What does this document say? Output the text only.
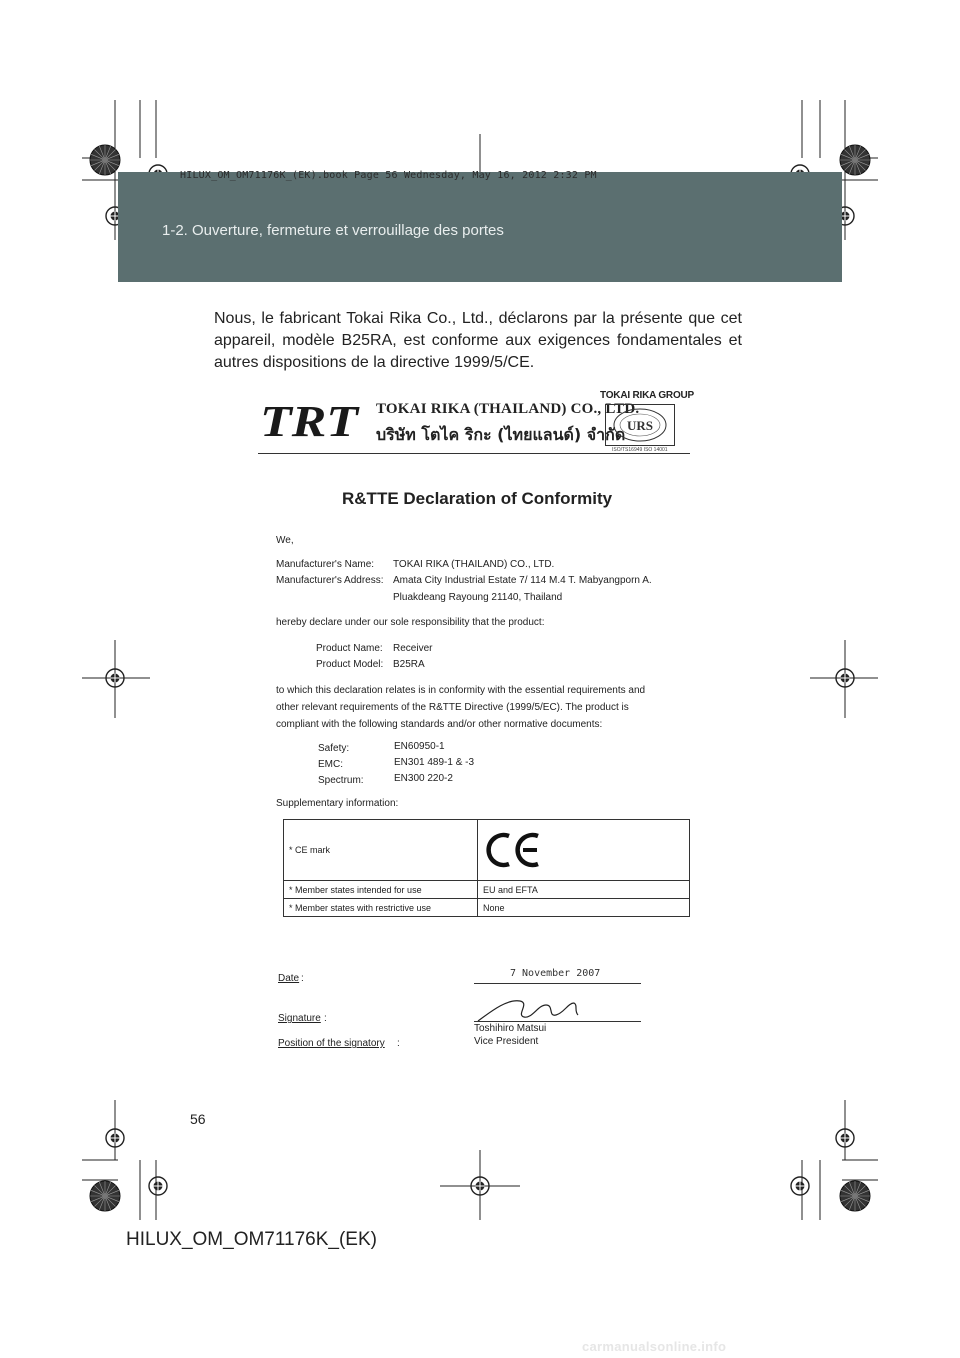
1-2. Ouverture, fermeture et verrouillage des portes
HILUX_OM_OM71176K_(EK).book Page 56 Wednesday, May 16, 2012 2:32 PM
Nous, le fabricant Tokai Rika Co., Ltd., déclarons par la présente que cet appareil, modèle B25RA, est conforme aux exigences fondamentales et autres dispositions de la directive 1999/5/CE.
TRT TOKAI RIKA (THAILAND) CO., LTD.
บริษัท โตไค ริกะ (ไทยแลนด์) จำกัด
TOKAI RIKA GROUP
URS
ISO/TS16949 ISO 14001
R&TTE Declaration of Conformity
We,
Manufacturer's Name: TOKAI RIKA (THAILAND) CO., LTD.
Manufacturer's Address: Amata City Industrial Estate 7/ 114 M.4 T. Mabyangporn A.
Pluakdeang Rayoung 21140, Thailand
hereby declare under our sole responsibility that the product:
Product Name: Receiver
Product Model: B25RA
to which this declaration relates is in conformity with the essential requirements and other relevant requirements of the R&TTE Directive (1999/5/EC). The product is compliant with the following standards and/or other normative documents:
Safety:	EN60950-1
EMC:	EN301 489-1 & -3
Spectrum:	EN300 220-2
Supplementary information:
* CE mark	

* Member states intended for use	EU and EFTA
* Member states with restrictive use	None
Date :	7 November 2007
Signature :
Toshihiro Matsui
Position of the signatory :	Vice President
56
HILUX_OM_OM71176K_(EK)
carmanualsonline.info
